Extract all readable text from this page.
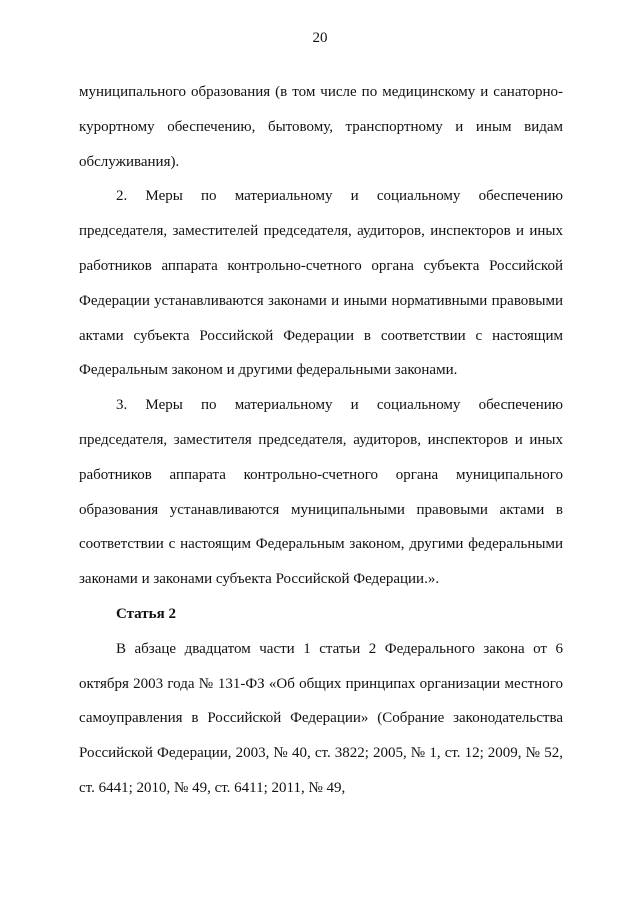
20

муниципального образования (в том числе по медицинскому и санаторно-курортному обеспечению, бытовому, транспортному и иным видам обслуживания).

2. Меры по материальному и социальному обеспечению председателя, заместителей председателя, аудиторов, инспекторов и иных работников аппарата контрольно-счетного органа субъекта Российской Федерации устанавливаются законами и иными нормативными правовыми актами субъекта Российской Федерации в соответствии с настоящим Федеральным законом и другими федеральными законами.

3. Меры по материальному и социальному обеспечению председателя, заместителя председателя, аудиторов, инспекторов и иных работников аппарата контрольно-счетного органа муниципального образования устанавливаются муниципальными правовыми актами в соответствии с настоящим Федеральным законом, другими федеральными законами и законами субъекта Российской Федерации.».

Статья 2

В абзаце двадцатом части 1 статьи 2 Федерального закона от 6 октября 2003 года № 131-ФЗ «Об общих принципах организации местного самоуправления в Российской Федерации» (Собрание законодательства Российской Федерации, 2003, № 40, ст. 3822; 2005, № 1, ст. 12; 2009, № 52, ст. 6441; 2010, № 49, ст. 6411; 2011, № 49,
